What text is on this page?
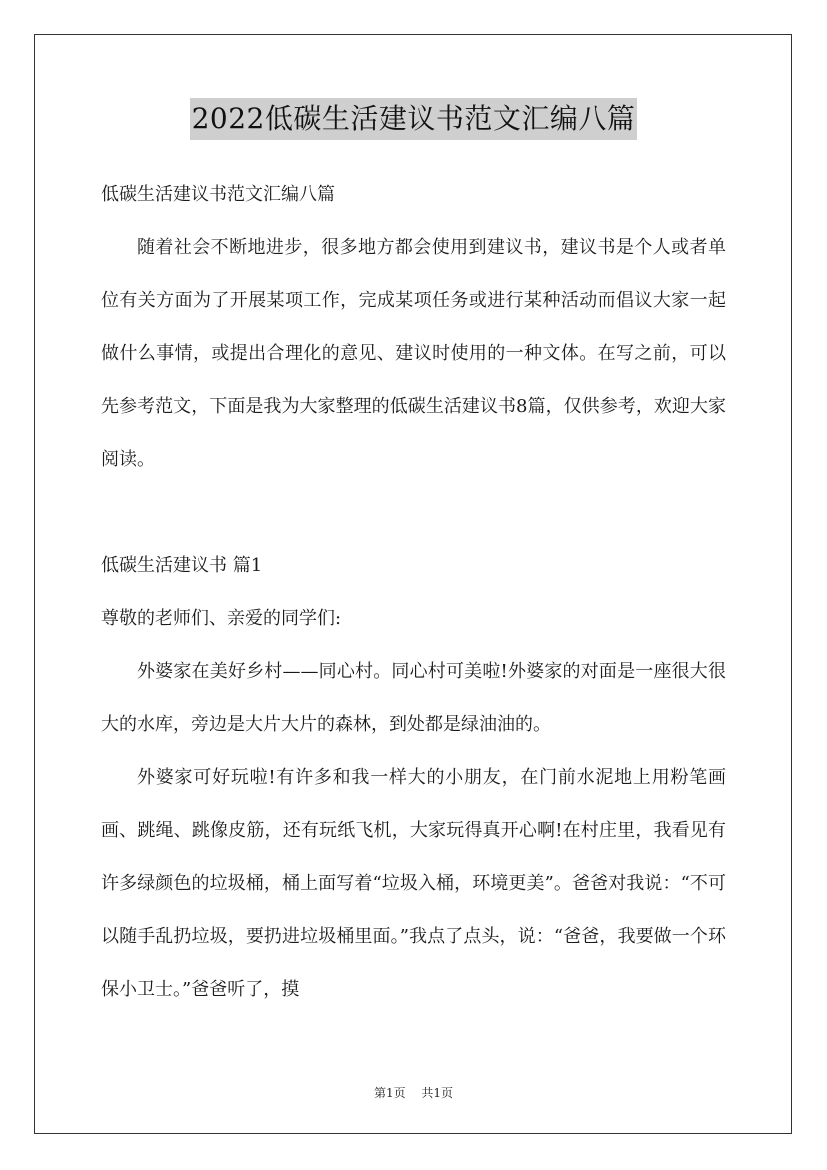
2022低碳生活建议书范文汇编八篇

低碳生活建议书范文汇编八篇

随着社会不断地进步，很多地方都会使用到建议书，建议书是个人或者单位有关方面为了开展某项工作，完成某项任务或进行某种活动而倡议大家一起做什么事情，或提出合理化的意见、建议时使用的一种文体。在写之前，可以先参考范文，下面是我为大家整理的低碳生活建议书8篇，仅供参考，欢迎大家阅读。

低碳生活建议书 篇1

尊敬的老师们、亲爱的同学们:

外婆家在美好乡村——同心村。同心村可美啦!外婆家的对面是一座很大很大的水库，旁边是大片大片的森林，到处都是绿油油的。

外婆家可好玩啦!有许多和我一样大的小朋友，在门前水泥地上用粉笔画画、跳绳、跳像皮筋，还有玩纸飞机，大家玩得真开心啊!在村庄里，我看见有许多绿颜色的垃圾桶，桶上面写着“垃圾入桶，环境更美”。爸爸对我说：“不可以随手乱扔垃圾，要扔进垃圾桶里面。”我点了点头，说：“爸爸，我要做一个环保小卫士。”爸爸听了，摸

第1页 共1页
